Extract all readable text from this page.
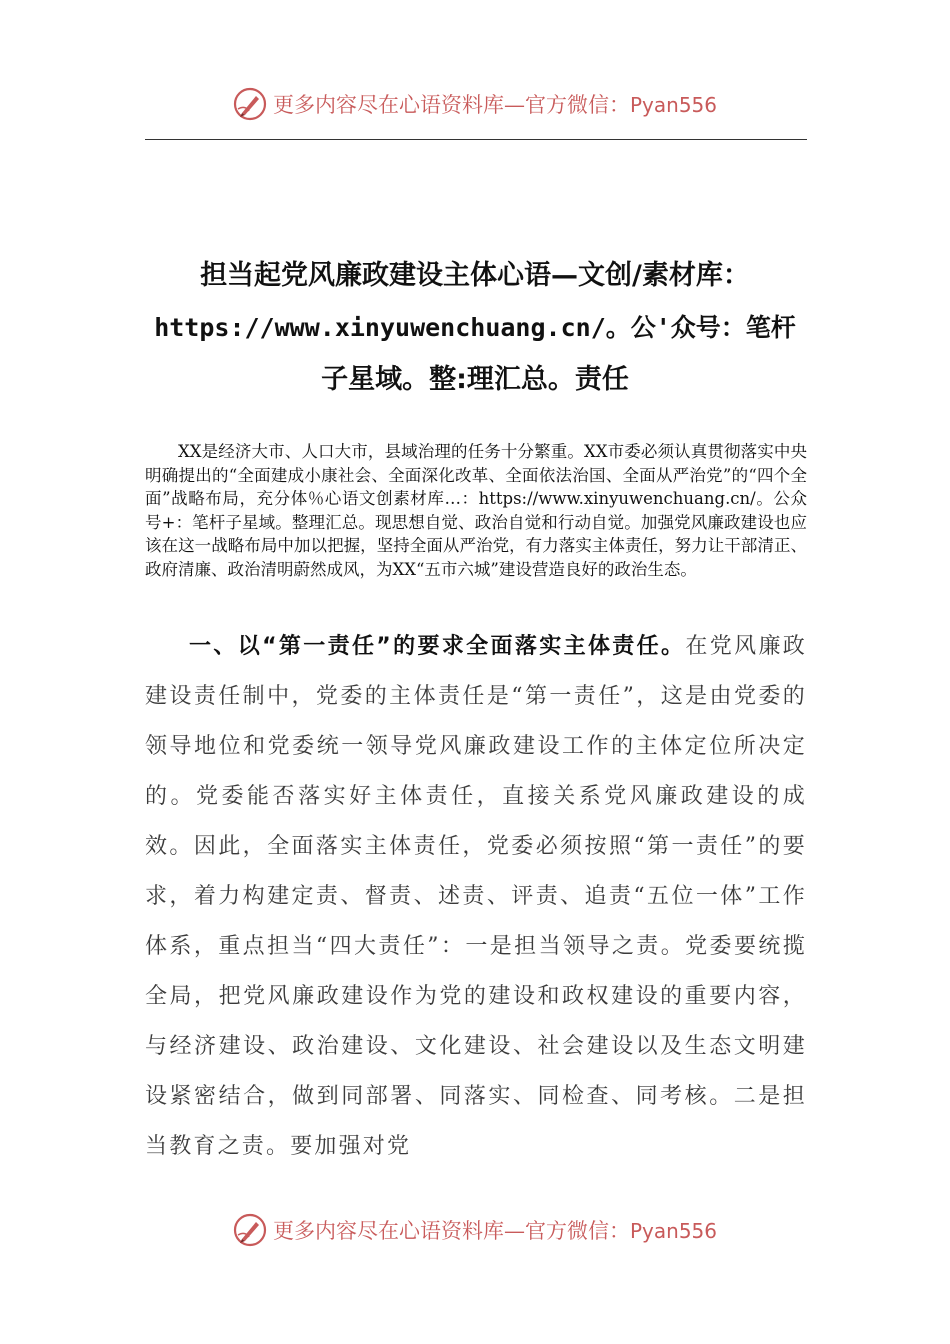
更多内容尽在心语资料库—官方微信：Pyan556
担当起党风廉政建设主体心语—文创/素材库：
https://www.xinyuwenchuang.cn/。公'众号：笔杆
子星域。整:理汇总。责任
XX是经济大市、人口大市，县域治理的任务十分繁重。XX市委必须认真贯彻落实中央明确提出的“全面建成小康社会、全面深化改革、全面依法治国、全面从严治党”的“四个全面”战略布局，充分体％心语文创素材库…：https://www.xinyuwenchuang.cn/。公众号+：笔杆子星域。整理汇总。现思想自觉、政治自觉和行动自觉。加强党风廉政建设也应该在这一战略布局中加以把握，坚持全面从严治党，有力落实主体责任，努力让干部清正、政府清廉、政治清明蔚然成风，为XX“五市六城”建设营造良好的政治生态。
一、以“第一责任”的要求全面落实主体责任。在党风廉政建设责任制中，党委的主体责任是“第一责任”，这是由党委的领导地位和党委统一领导党风廉政建设工作的主体定位所决定的。党委能否落实好主体责任，直接关系党风廉政建设的成效。因此，全面落实主体责任，党委必须按照“第一责任”的要求，着力构建定责、督责、述责、评责、追责“五位一体”工作体系，重点担当“四大责任”：一是担当领导之责。党委要统揽全局，把党风廉政建设作为党的建设和政权建设的重要内容，与经济建设、政治建设、文化建设、社会建设以及生态文明建设紧密结合，做到同部署、同落实、同检查、同考核。二是担当教育之责。要加强对党
更多内容尽在心语资料库—官方微信：Pyan556
